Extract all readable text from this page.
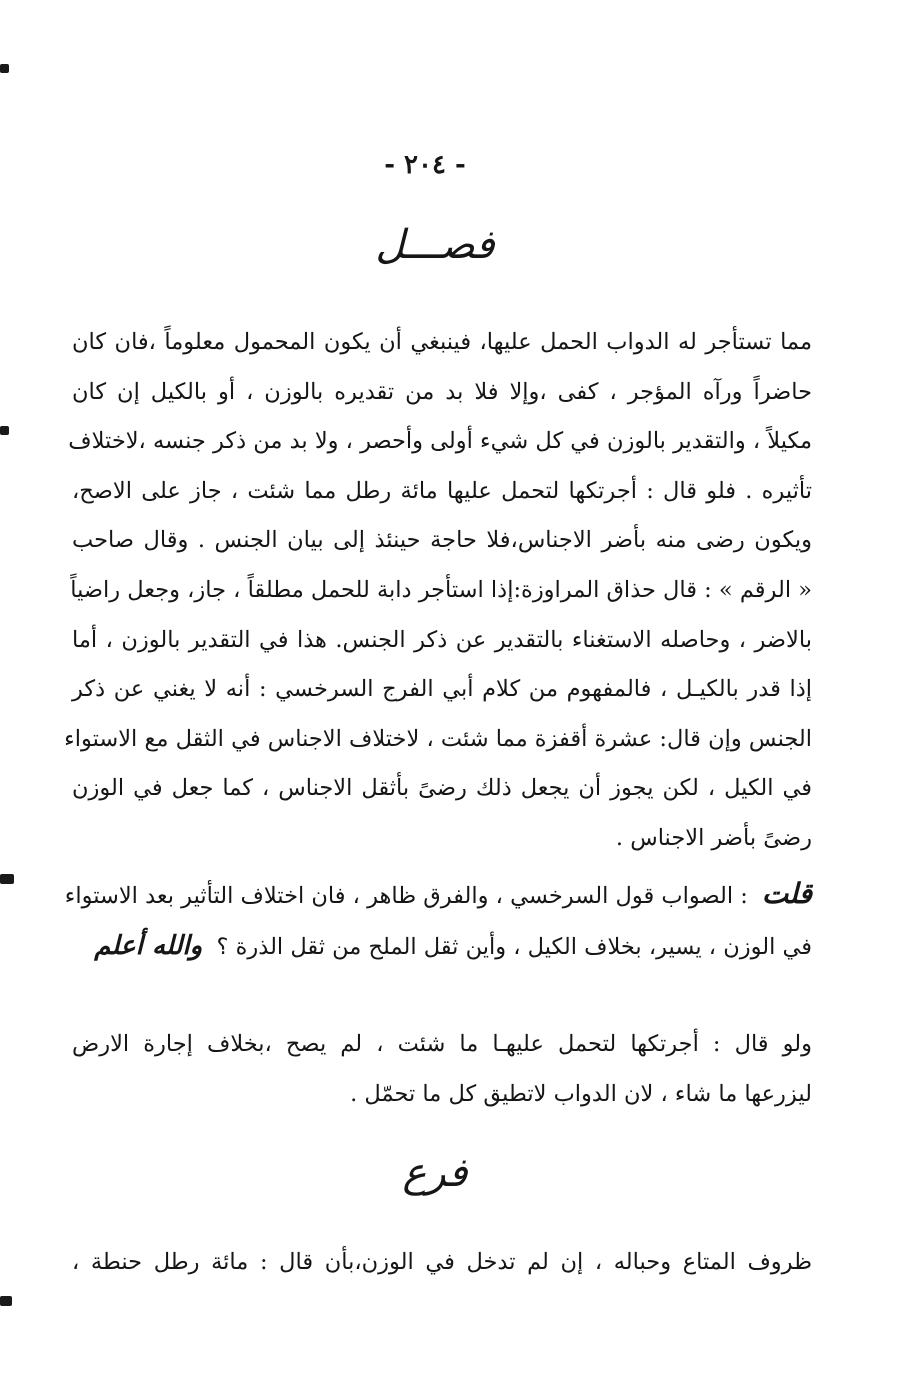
- ٢٠٤ -
فصـــل
مما تستأجر له الدواب الحمل عليها، فينبغي أن يكون المحمول معلوماً ،فان كان
حاضراً ورآه المؤجر ، كفى ،وإلا فلا بد من تقديره بالوزن ، أو بالكيل إن كان
مكيلاً ، والتقدير بالوزن في كل شيء أولى وأحصر ، ولا بد من ذكر جنسه ،لاختلاف
تأثيره . فلو قال : أجرتكها لتحمل عليها مائة رطل مما شئت ، جاز على الاصح،
ويكون رضى منه بأضر الاجناس،فلا حاجة حينئذ إلى بيان الجنس . وقال صاحب
« الرقم » : قال حذاق المراوزة:إذا استأجر دابة للحمل مطلقاً ، جاز، وجعل راضياً
بالاضر ، وحاصله الاستغناء بالتقدير عن ذكر الجنس. هذا في التقدير بالوزن ، أما
إذا قدر بالكيـل ، فالمفهوم من كلام أبي الفرج السرخسي : أنه لا يغني عن ذكر
الجنس وإن قال: عشرة أقفزة مما شئت ، لاختلاف الاجناس في الثقل مع الاستواء
في الكيل ، لكن يجوز أن يجعل ذلك رضىً بأثقل الاجناس ، كما جعل في الوزن
رضىً بأضر الاجناس .
قلت: الصواب قول السرخسي ، والفرق ظاهر ، فان اختلاف التأثير بعد الاستواء
في الوزن ، يسير، بخلاف الكيل ، وأين ثقل الملح من ثقل الذرة ؟  والله أعلم
ولو قال : أجرتكها لتحمل عليهـا ما شئت ، لم يصح ،بخلاف إجارة الارض
ليزرعها ما شاء ، لان الدواب لاتطيق كل ما تحمّل .
فرع
ظروف المتاع وحباله ، إن لم تدخل في الوزن،بأن قال : مائة رطل حنطة ،
